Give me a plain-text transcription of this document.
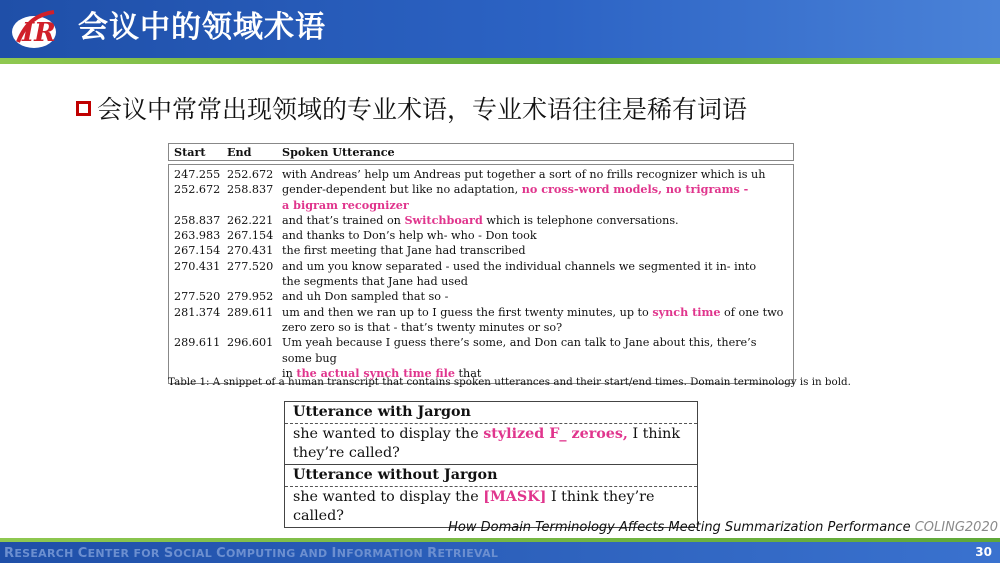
IR 会议中的领域术语
会议中常常出现领域的专业术语，专业术语往往是稀有词语
Start	End	Spoken Utterance
247.255 252.672 with Andreas’ help um Andreas put together a sort of no frills recognizer which is uh
252.672 258.837 gender-dependent but like no adaptation, no cross-word models, no trigrams -
a bigram recognizer
258.837 262.221 and that’s trained on Switchboard which is telephone conversations.
263.983 267.154 and thanks to Don’s help wh- who - Don took
267.154 270.431 the first meeting that Jane had transcribed
270.431 277.520 and um you know separated - used the individual channels we segmented it in- into
the segments that Jane had used
277.520 279.952 and uh Don sampled that so -
281.374 289.611 um and then we ran up to I guess the first twenty minutes, up to synch time of one two
zero zero so is that - that’s twenty minutes or so?
289.611 296.601 Um yeah because I guess there’s some, and Don can talk to Jane about this, there’s some bug
in the actual synch time file that
Table 1: A snippet of a human transcript that contains spoken utterances and their start/end times. Domain terminology is in bold.
Utterance with Jargon
she wanted to display the stylized F_ zeroes, I think they’re called?
Utterance without Jargon
she wanted to display the [MASK] I think they’re called?
How Domain Terminology Affects Meeting Summarization Performance COLING2020
RESEARCH CENTER FOR SOCIAL COMPUTING AND INFORMATION RETRIEVAL	30
